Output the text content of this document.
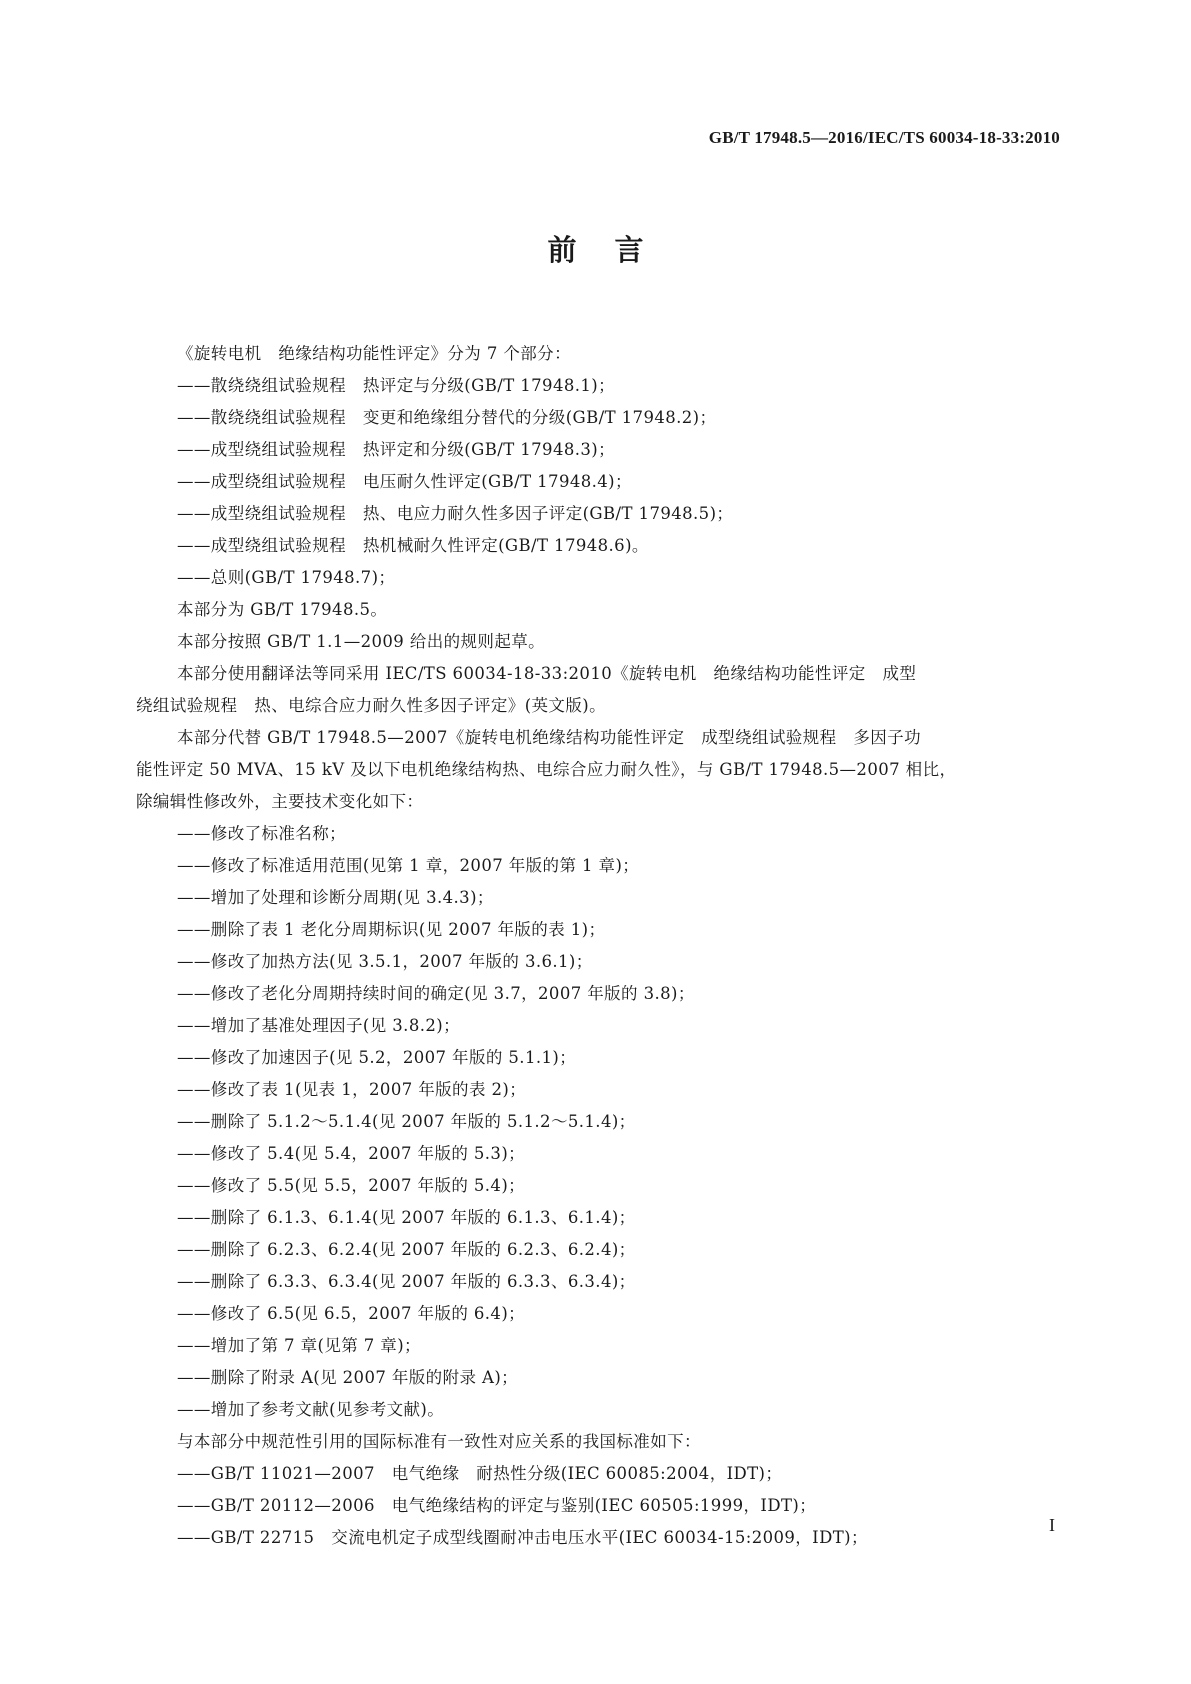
GB/T 17948.5—2016/IEC/TS 60034-18-33:2010
前言

《旋转电机　绝缘结构功能性评定》分为 7 个部分：

——散绕绕组试验规程　热评定与分级(GB/T 17948.1)；

——散绕绕组试验规程　变更和绝缘组分替代的分级(GB/T 17948.2)；

——成型绕组试验规程　热评定和分级(GB/T 17948.3)；

——成型绕组试验规程　电压耐久性评定(GB/T 17948.4)；

——成型绕组试验规程　热、电应力耐久性多因子评定(GB/T 17948.5)；

——成型绕组试验规程　热机械耐久性评定(GB/T 17948.6)。

——总则(GB/T 17948.7)；

本部分为 GB/T 17948.5。

本部分按照 GB/T 1.1—2009 给出的规则起草。

本部分使用翻译法等同采用 IEC/TS 60034-18-33:2010《旋转电机　绝缘结构功能性评定　成型

绕组试验规程　热、电综合应力耐久性多因子评定》(英文版)。

本部分代替 GB/T 17948.5—2007《旋转电机绝缘结构功能性评定　成型绕组试验规程　多因子功

能性评定 50 MVA、15 kV 及以下电机绝缘结构热、电综合应力耐久性》，与 GB/T 17948.5—2007 相比，

除编辑性修改外，主要技术变化如下：

——修改了标准名称；

——修改了标准适用范围(见第 1 章，2007 年版的第 1 章)；

——增加了处理和诊断分周期(见 3.4.3)；

——删除了表 1 老化分周期标识(见 2007 年版的表 1)；

——修改了加热方法(见 3.5.1，2007 年版的 3.6.1)；

——修改了老化分周期持续时间的确定(见 3.7，2007 年版的 3.8)；

——增加了基准处理因子(见 3.8.2)；

——修改了加速因子(见 5.2，2007 年版的 5.1.1)；

——修改了表 1(见表 1，2007 年版的表 2)；

——删除了 5.1.2～5.1.4(见 2007 年版的 5.1.2～5.1.4)；

——修改了 5.4(见 5.4，2007 年版的 5.3)；

——修改了 5.5(见 5.5，2007 年版的 5.4)；

——删除了 6.1.3、6.1.4(见 2007 年版的 6.1.3、6.1.4)；

——删除了 6.2.3、6.2.4(见 2007 年版的 6.2.3、6.2.4)；

——删除了 6.3.3、6.3.4(见 2007 年版的 6.3.3、6.3.4)；

——修改了 6.5(见 6.5，2007 年版的 6.4)；

——增加了第 7 章(见第 7 章)；

——删除了附录 A(见 2007 年版的附录 A)；

——增加了参考文献(见参考文献)。

与本部分中规范性引用的国际标准有一致性对应关系的我国标准如下：

——GB/T 11021—2007　电气绝缘　耐热性分级(IEC 60085:2004，IDT)；

——GB/T 20112—2006　电气绝缘结构的评定与鉴别(IEC 60505:1999，IDT)；

——GB/T 22715　交流电机定子成型线圈耐冲击电压水平(IEC 60034-15:2009，IDT)；

I
